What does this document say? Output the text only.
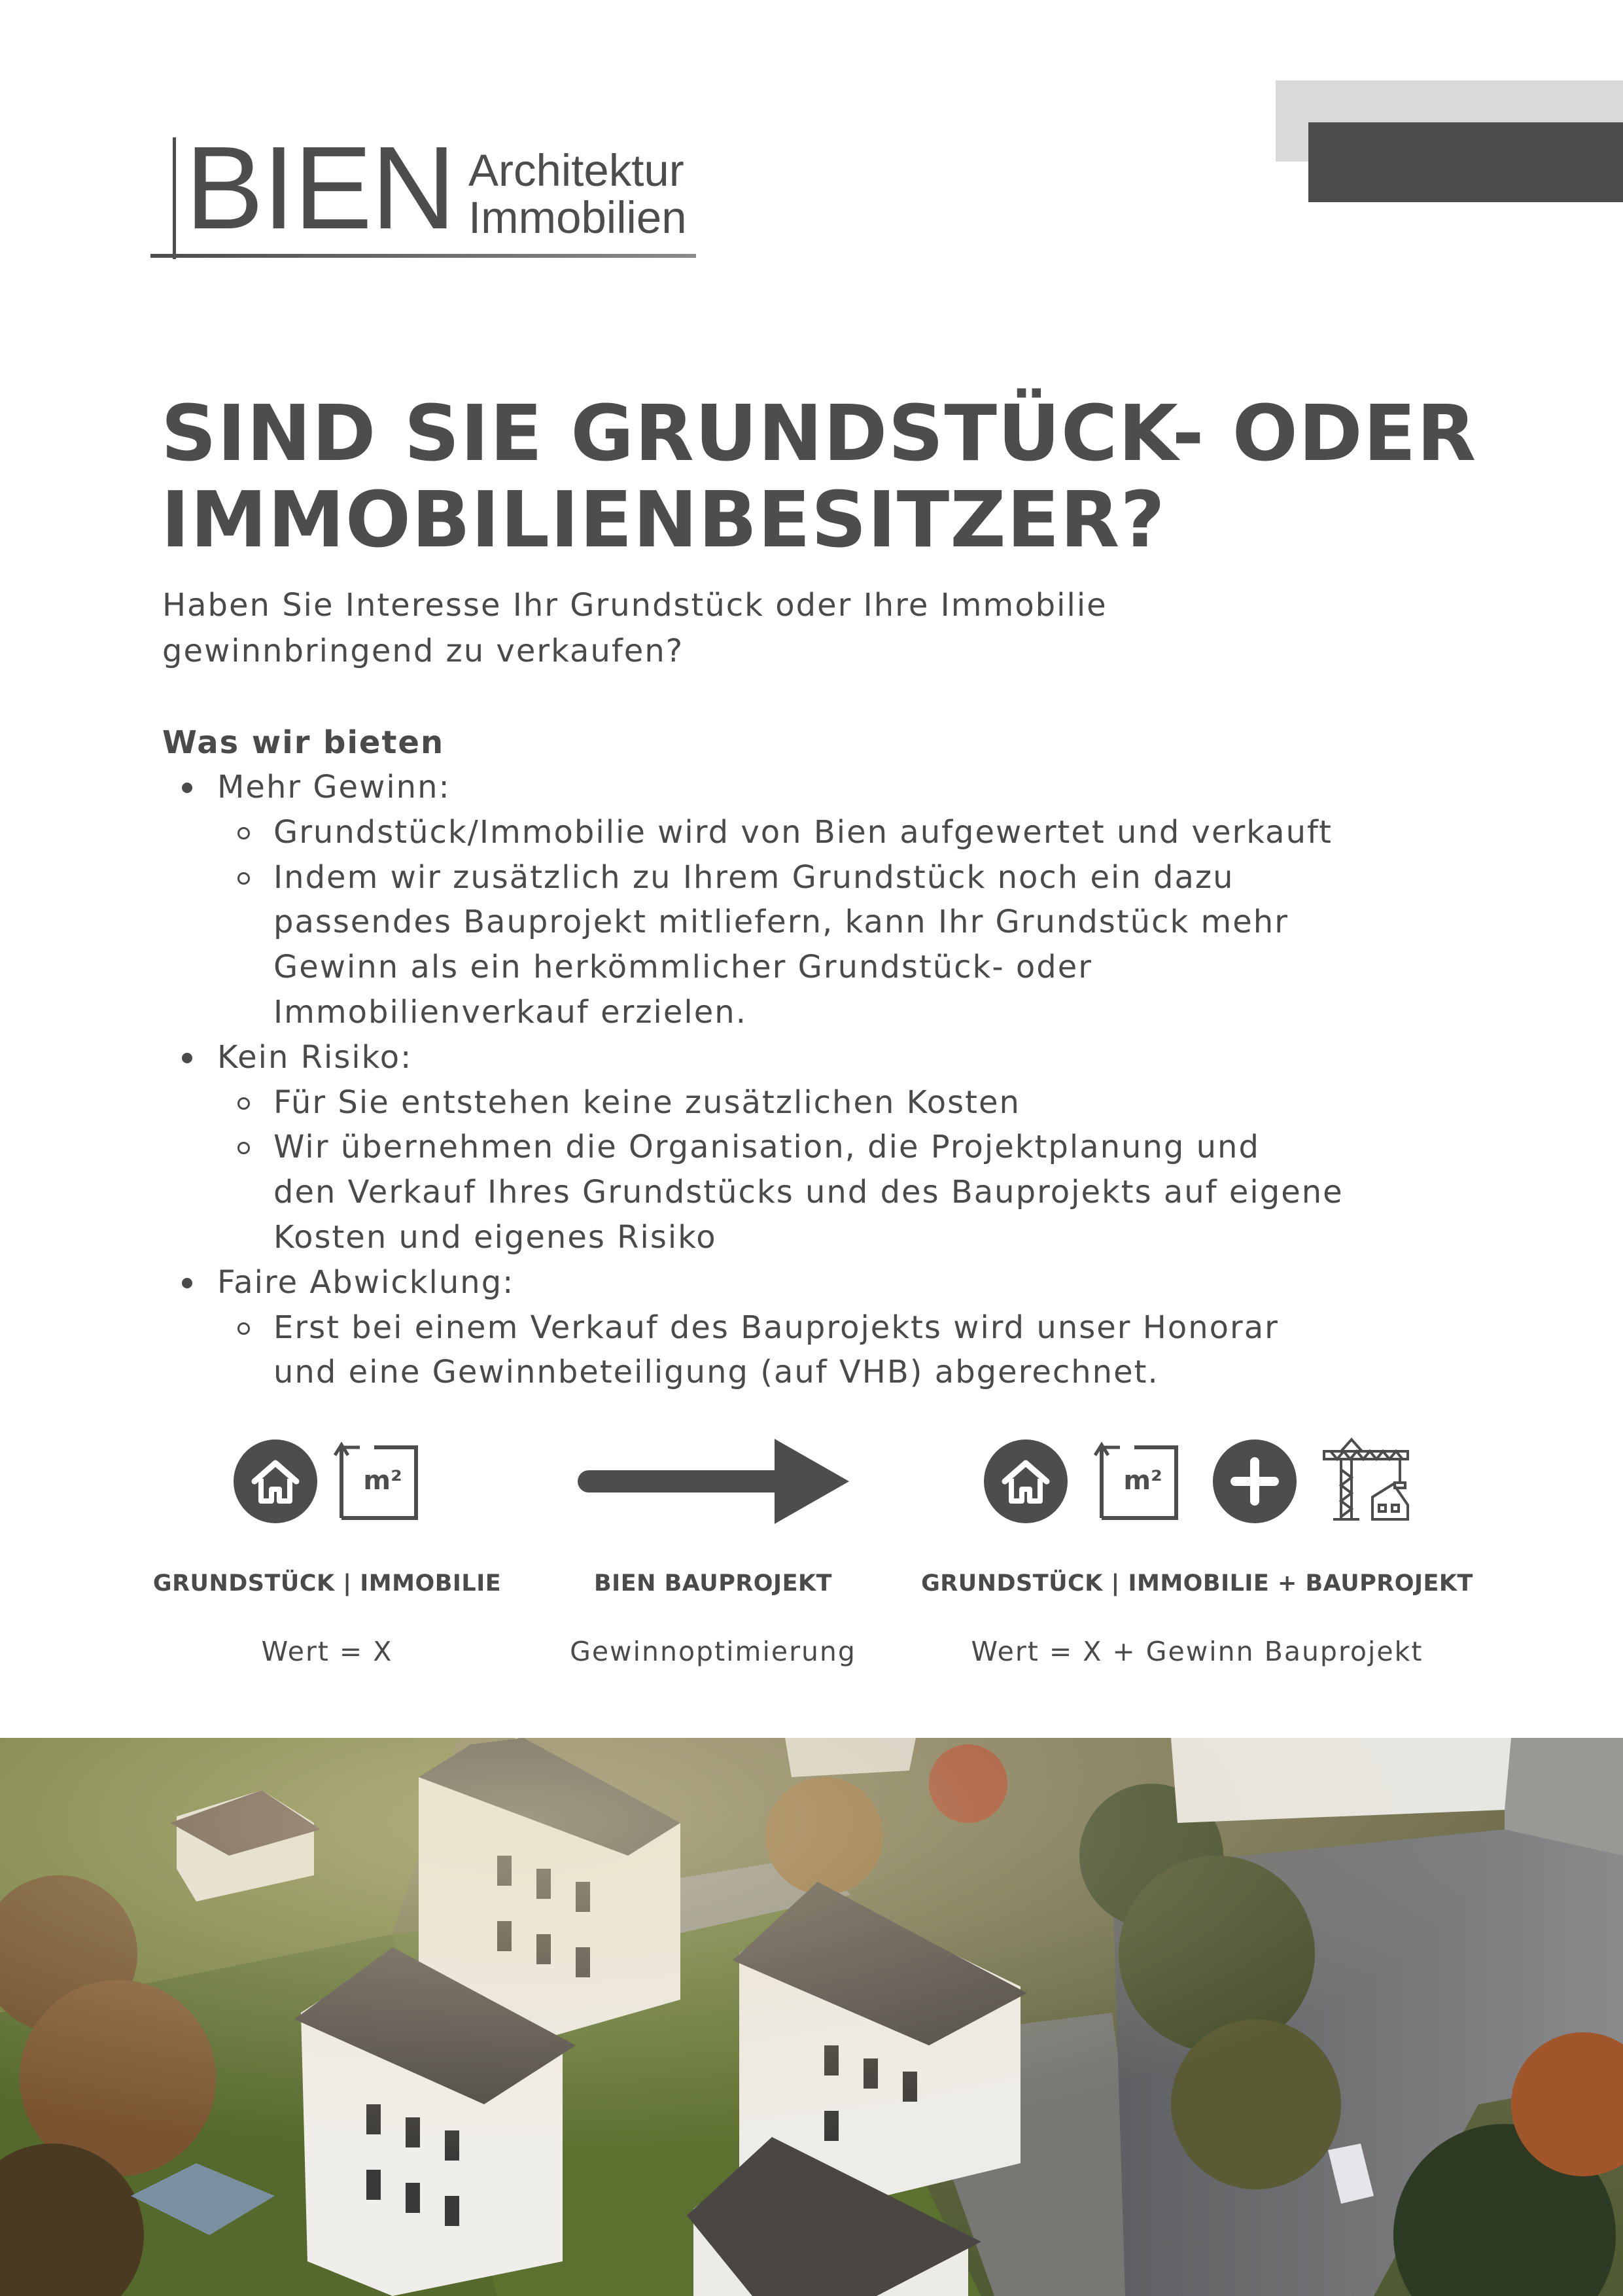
BIEN Architektur
Immobilien
SIND SIE GRUNDSTÜCK- ODER
IMMOBILIENBESITZER?
Haben Sie Interesse Ihr Grundstück oder Ihre Immobilie
gewinnbringend zu verkaufen?
Was wir bieten
Mehr Gewinn:
Grundstück/Immobilie wird von Bien aufgewertet und verkauft
Indem wir zusätzlich zu Ihrem Grundstück noch ein dazu
passendes Bauprojekt mitliefern, kann Ihr Grundstück mehr
Gewinn als ein herkömmlicher Grundstück- oder
Immobilienverkauf erzielen.
Kein Risiko:
Für Sie entstehen keine zusätzlichen Kosten
Wir übernehmen die Organisation, die Projektplanung und
den Verkauf Ihres Grundstücks und des Bauprojekts auf eigene
Kosten und eigenes Risiko
Faire Abwicklung:
Erst bei einem Verkauf des Bauprojekts wird unser Honorar
und eine Gewinnbeteiligung (auf VHB) abgerechnet.
m²
GRUNDSTÜCK | IMMOBILIE
Wert = X
BIEN BAUPROJEKT
Gewinnoptimierung
m²
GRUNDSTÜCK | IMMOBILIE + BAUPROJEKT
Wert = X + Gewinn Bauprojekt
